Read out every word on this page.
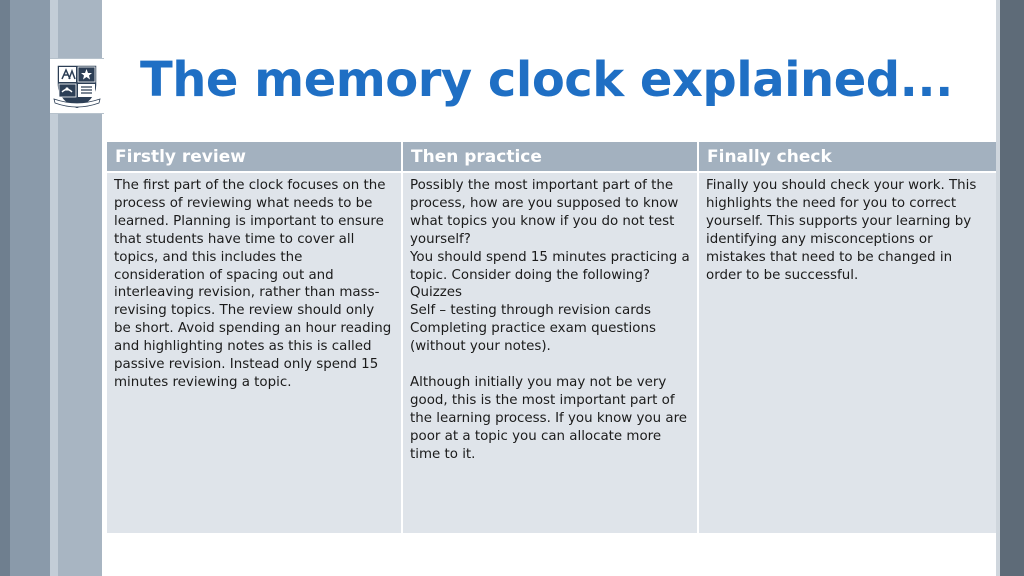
The memory clock explained...
Firstly review	Then practice	Finally check

The first part of the clock focuses on the process of reviewing what needs to be learned. Planning is important to ensure that students have time to cover all topics, and this includes the consideration of spacing out and interleaving revision, rather than mass-revising topics. The review should only be short. Avoid spending an hour reading and highlighting notes as this is called passive revision. Instead only spend 15 minutes reviewing a topic.

Possibly the most important part of the process, how are you supposed to know what topics you know if you do not test yourself?

You should spend 15 minutes practicing a topic. Consider doing the following?

Quizzes

Self – testing through revision cards

Completing practice exam questions (without your notes).

Although initially you may not be very good, this is the most important part of the learning process. If you know you are poor at a topic you can allocate more time to it.

Finally you should check your work. This highlights the need for you to correct yourself. This supports your learning by identifying any misconceptions or mistakes that need to be changed in order to be successful.
